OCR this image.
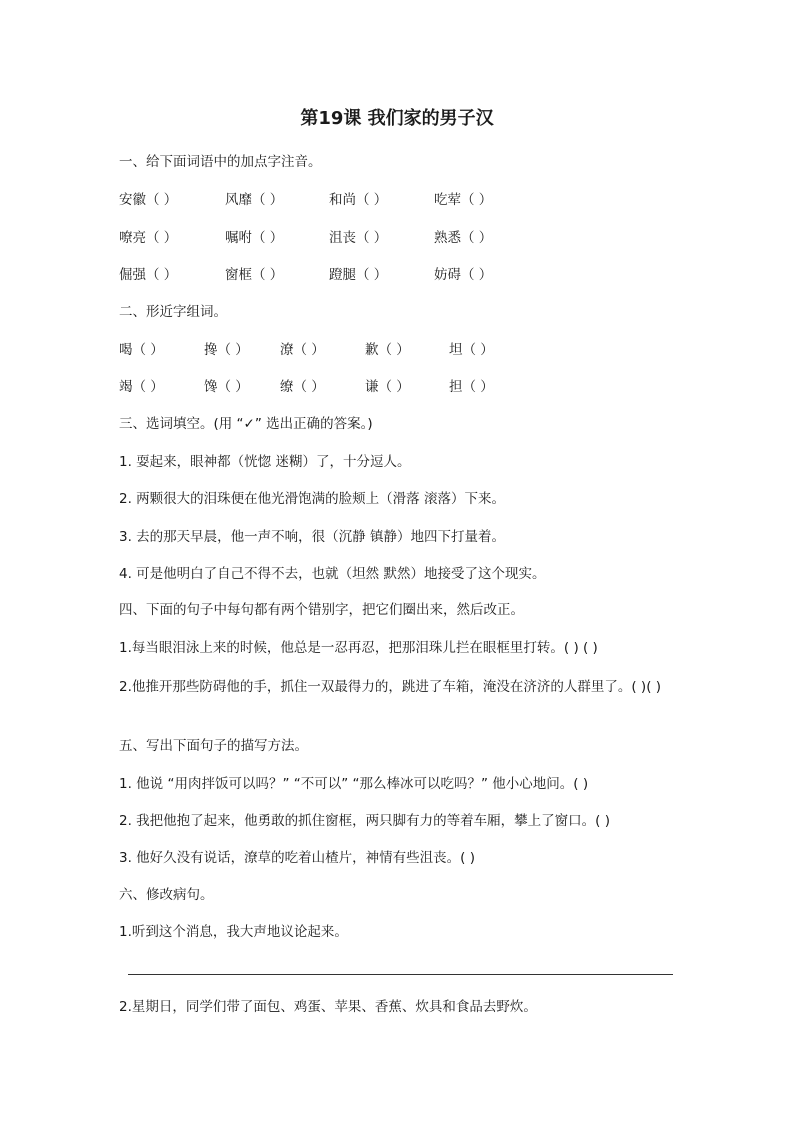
第19课 我们家的男子汉
一、给下面词语中的加点字注音。
安徽（ ）	风靡（ ）	和尚（ ）	吃荤（ ）
嘹亮（ ）	嘱咐（ ）	沮丧（ ）	熟悉（ ）
倔强（ ）	窗框（ ）	蹬腿（ ）	妨碍（ ）
二、形近字组词。
喝（ ）	搀（ ） 潦（ ）	歉（ ）	坦（ ）
竭（ ）	馋（ ） 缭（ ）	谦（ ）	担（ ）
三、选词填空。(用 “✓” 选出正确的答案。)
1. 耍起来，眼神都（恍惚 迷糊）了，十分逗人。
2. 两颗很大的泪珠便在他光滑饱满的脸颊上（滑落 滚落）下来。
3. 去的那天早晨，他一声不响，很（沉静 镇静）地四下打量着。
4. 可是他明白了自己不得不去，也就（坦然 默然）地接受了这个现实。
四、下面的句子中每句都有两个错别字，把它们圈出来，然后改正。
1.每当眼泪泳上来的时候，他总是一忍再忍，把那泪珠儿拦在眼框里打转。( ) ( )
2.他推开那些防碍他的手，抓住一双最得力的，跳进了车箱，淹没在济济的人群里了。( )( )
五、写出下面句子的描写方法。
1. 他说 “用肉拌饭可以吗？” “不可以” “那么棒冰可以吃吗？” 他小心地问。( )
2. 我把他抱了起来，他勇敢的抓住窗框，两只脚有力的等着车厢，攀上了窗口。( )
3. 他好久没有说话，潦草的吃着山楂片，神情有些沮丧。( )
六、修改病句。
1.听到这个消息，我大声地议论起来。
2.星期日，同学们带了面包、鸡蛋、苹果、香蕉、炊具和食品去野炊。
